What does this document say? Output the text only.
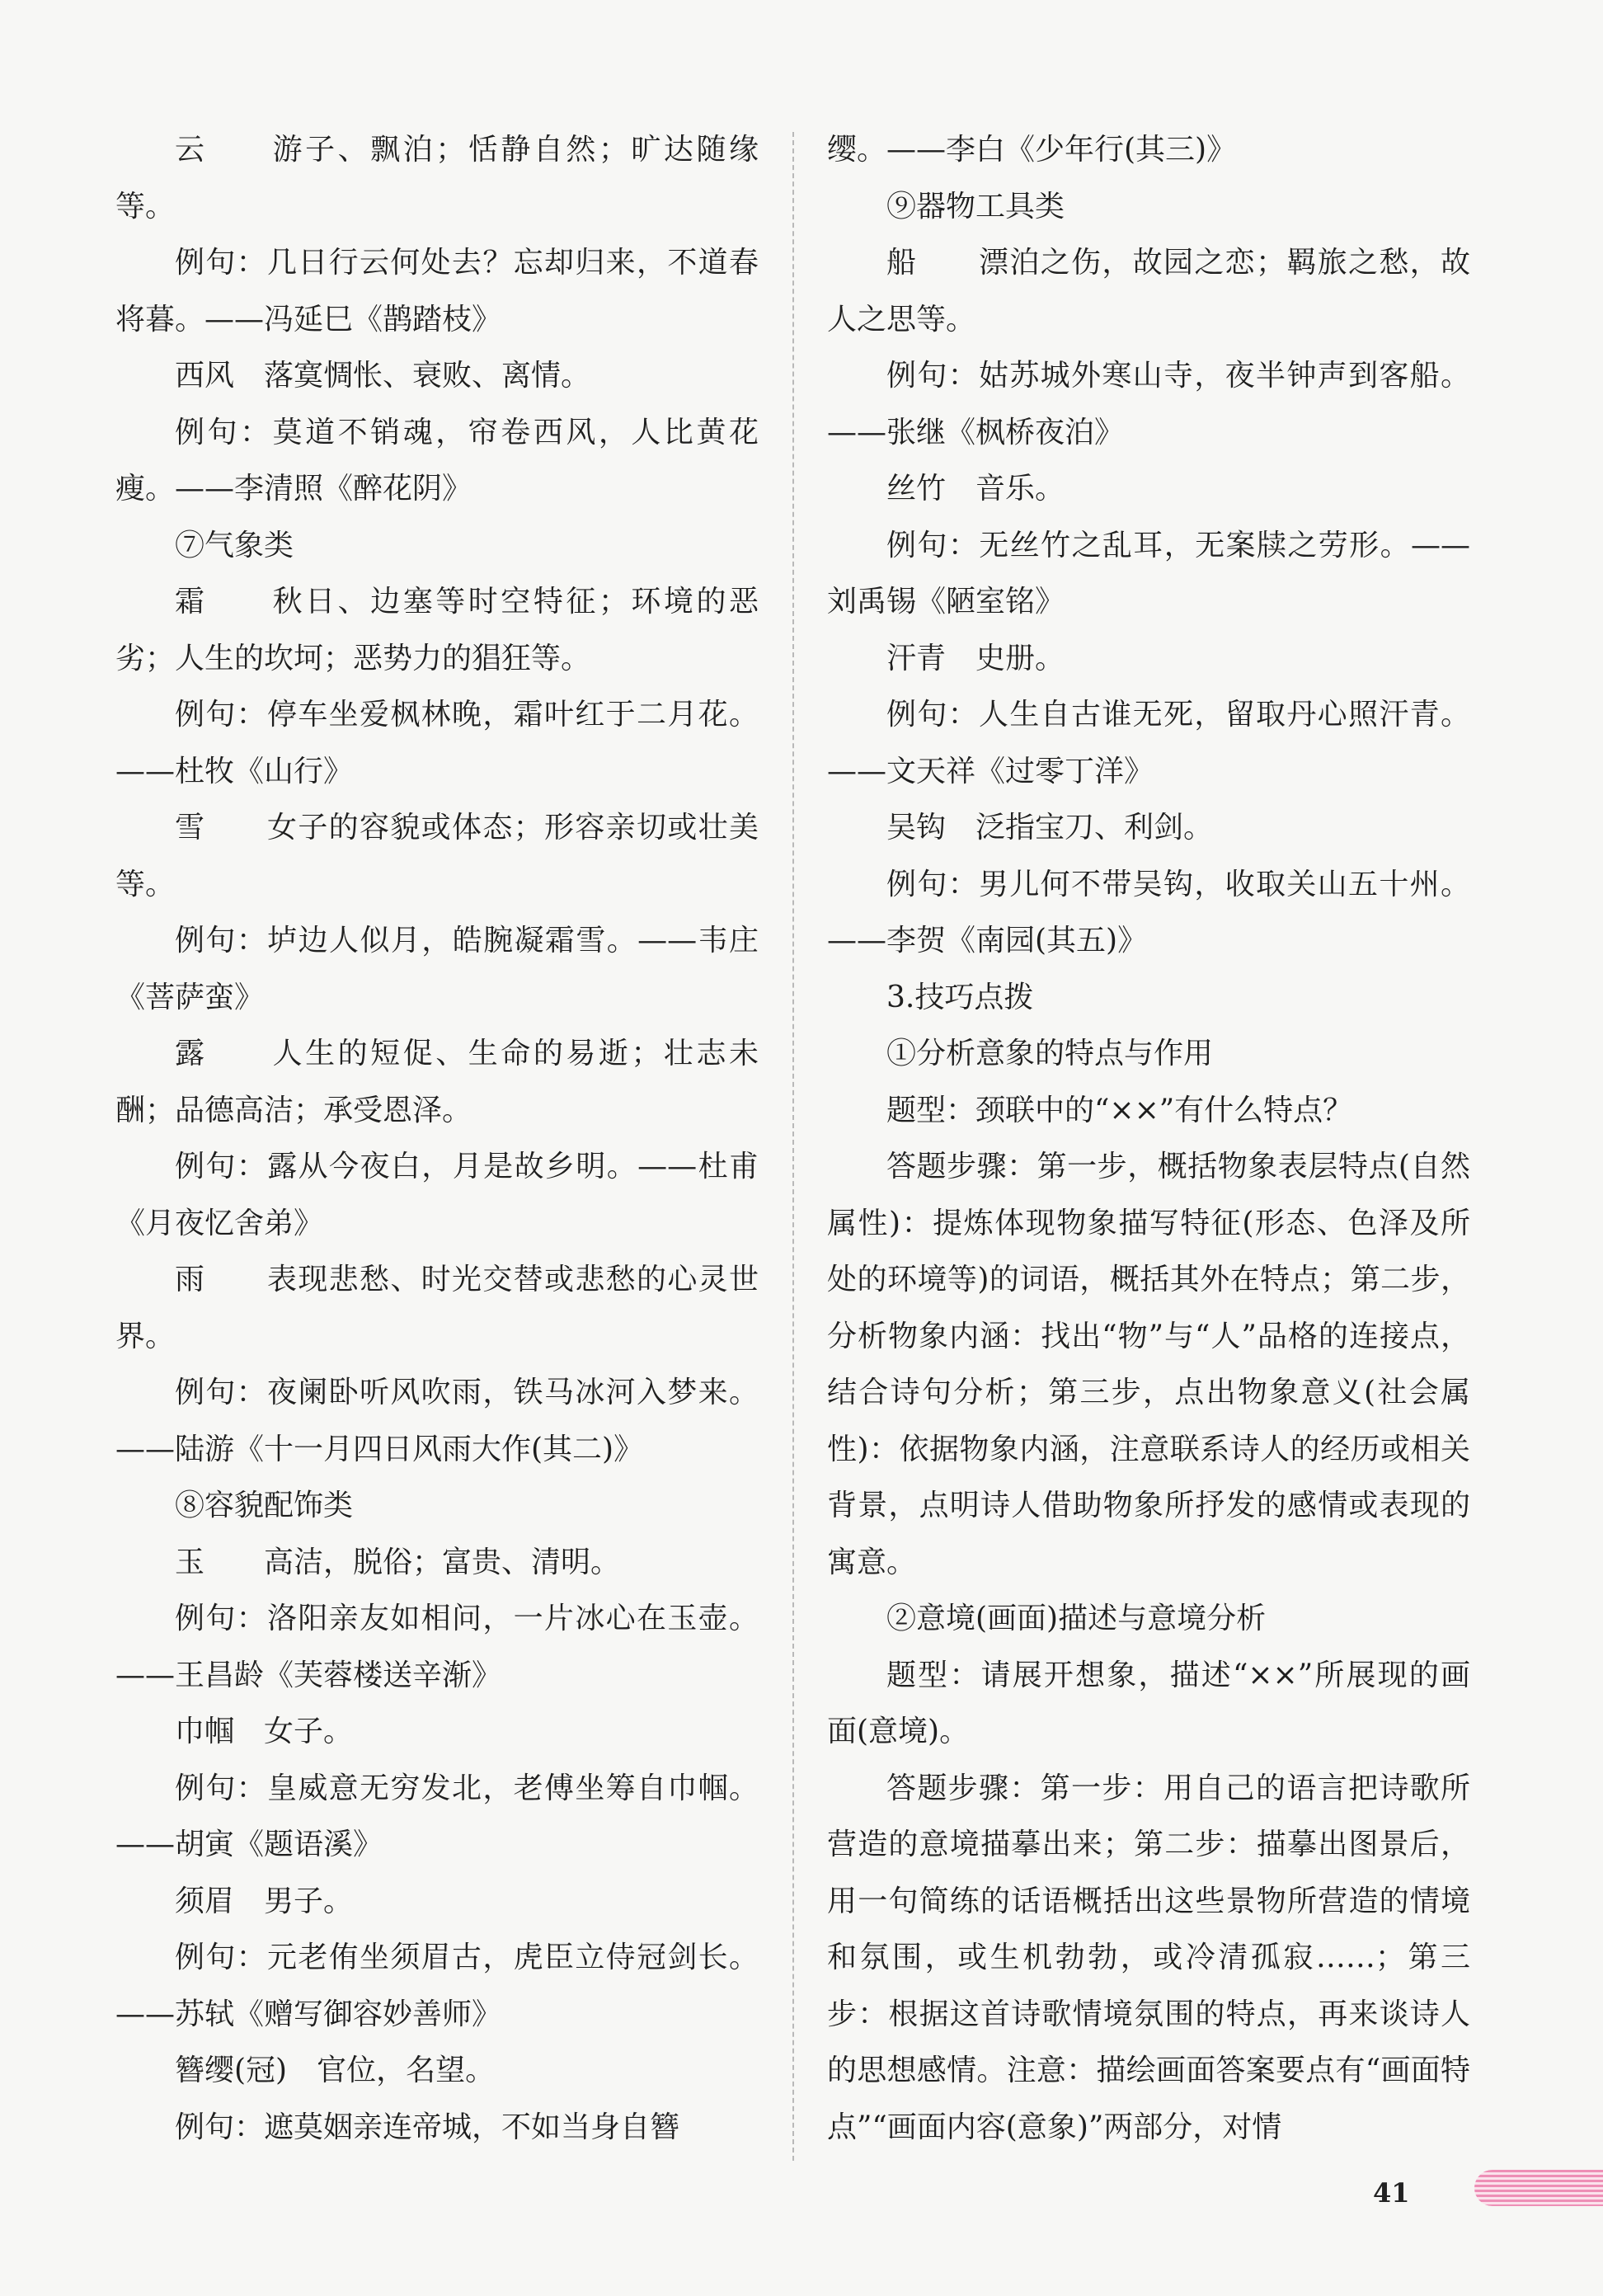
云　　游子、飘泊；恬静自然；旷达随缘等。

例句：几日行云何处去？忘却归来，不道春将暮。——冯延巳《鹊踏枝》

西风　落寞惆怅、衰败、离情。

例句：莫道不销魂，帘卷西风，人比黄花瘦。——李清照《醉花阴》

⑦气象类

霜　　秋日、边塞等时空特征；环境的恶劣；人生的坎坷；恶势力的猖狂等。

例句：停车坐爱枫林晚，霜叶红于二月花。——杜牧《山行》

雪　　女子的容貌或体态；形容亲切或壮美等。

例句：垆边人似月，皓腕凝霜雪。——韦庄《菩萨蛮》

露　　人生的短促、生命的易逝；壮志未酬；品德高洁；承受恩泽。

例句：露从今夜白，月是故乡明。——杜甫《月夜忆舍弟》

雨　　表现悲愁、时光交替或悲愁的心灵世界。

例句：夜阑卧听风吹雨，铁马冰河入梦来。——陆游《十一月四日风雨大作(其二)》

⑧容貌配饰类

玉　　高洁，脱俗；富贵、清明。

例句：洛阳亲友如相问，一片冰心在玉壶。——王昌龄《芙蓉楼送辛渐》

巾帼　女子。

例句：皇威意无穷发北，老傅坐筹自巾帼。——胡寅《题语溪》

须眉　男子。

例句：元老侑坐须眉古，虎臣立侍冠剑长。——苏轼《赠写御容妙善师》

簪缨(冠)　官位，名望。

例句：遮莫姻亲连帝城，不如当身自簪

缨。——李白《少年行(其三)》

⑨器物工具类

船　　漂泊之伤，故园之恋；羁旅之愁，故人之思等。

例句：姑苏城外寒山寺，夜半钟声到客船。——张继《枫桥夜泊》

丝竹　音乐。

例句：无丝竹之乱耳，无案牍之劳形。——刘禹锡《陋室铭》

汗青　史册。

例句：人生自古谁无死，留取丹心照汗青。——文天祥《过零丁洋》

吴钩　泛指宝刀、利剑。

例句：男儿何不带吴钩，收取关山五十州。——李贺《南园(其五)》

3.技巧点拨

①分析意象的特点与作用

题型：颈联中的“××”有什么特点？

答题步骤：第一步，概括物象表层特点(自然属性)：提炼体现物象描写特征(形态、色泽及所处的环境等)的词语，概括其外在特点；第二步，分析物象内涵：找出“物”与“人”品格的连接点，结合诗句分析；第三步，点出物象意义(社会属性)：依据物象内涵，注意联系诗人的经历或相关背景，点明诗人借助物象所抒发的感情或表现的寓意。

②意境(画面)描述与意境分析

题型：请展开想象，描述“××”所展现的画面(意境)。

答题步骤：第一步：用自己的语言把诗歌所营造的意境描摹出来；第二步：描摹出图景后，用一句简练的话语概括出这些景物所营造的情境和氛围，或生机勃勃，或冷清孤寂……；第三步：根据这首诗歌情境氛围的特点，再来谈诗人的思想感情。注意：描绘画面答案要点有“画面特点”“画面内容(意象)”两部分，对情

41
